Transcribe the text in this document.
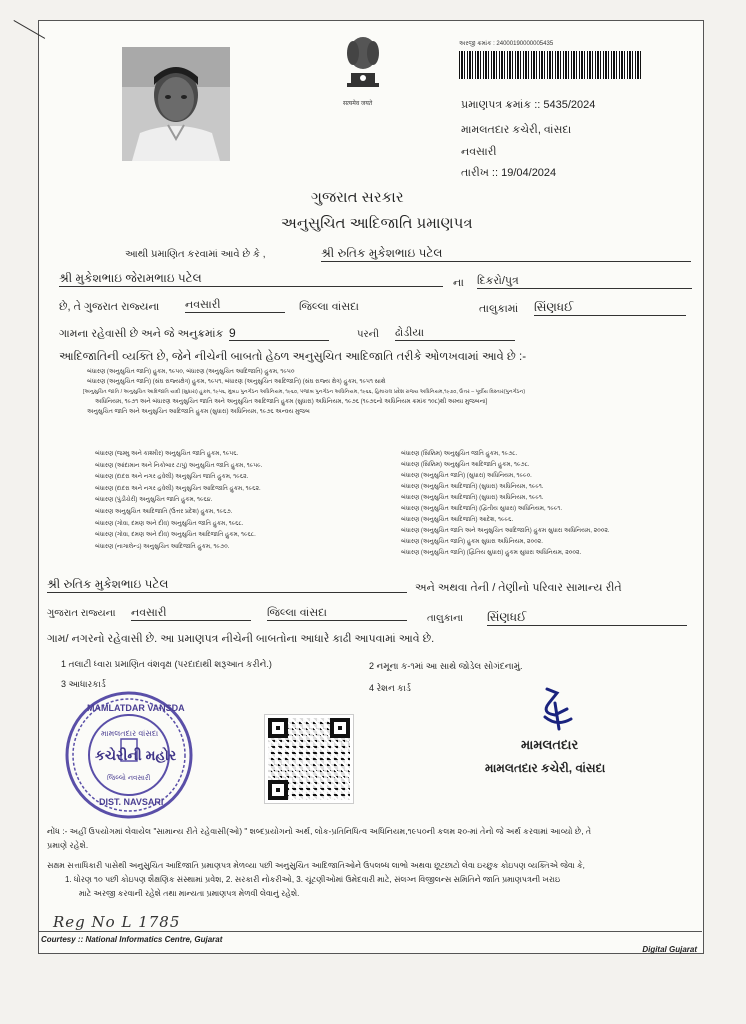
सत्यमेव जयते
અરજી ક્રમાંક : 24000190000005435
પ્રમાણપત્ર ક્રમાંક :: 5435/2024
મામલતદાર કચેરી, વાંસદા
નવસારી
તારીખ :: 19/04/2024
ગુજરાત સરકાર
અનુસુચિત આદિજાતિ પ્રમાણપત્ર
આથી પ્રમાણિત કરવામાં આવે છે કે ,	શ્રી રુતિક મુકેશભાઇ પટેલ
શ્રી મુકેશભાઇ જેરામભાઇ પટેલ	ના દિકરો/પુત્ર
છે, તે ગુજરાત રાજ્યના નવસારી	જિલ્લા વાંસદા	તાલુકામાં સિંણધઈ
ગામના રહેવાસી છે અને જે અનુક્રમાંક 9	પરની ઢોડીયા
આદિજાતિની વ્યક્તિ છે, જેને નીચેની બાબતો હેઠળ અનુસુચિત આદિજાતિ તરીકે ઓળખવામાં આવે છે :-
બંધારણ (અનુસુચિત જાતિ) હુકમ, ૧૯૫૦, બંધારણ (અનુસુચિત આદિજાતિ) હુકમ, ૧૯૫૦
બંધારણ (અનુસુચિત જાતિ) (સંઘ રાજ્યક્ષેત્ર) હુકમ, ૧૯૫૧, બંધારણ (અનુસુચિત આદિજાતિ) (સંઘ રાજ્ય ક્ષેત્ર) હુકમ, ૧૯૫૧ સાથે
[અનુસુચિત જાતિ / અનુસુચિત આદિજાતિ યાદી (સુધારા) હુકમ, ૧૯૫૬, મુંબઇ પુનર્ગઠન અધિનિયમ, ૧૯૬૦, પંજાબ પુનર્ગઠન અધિનિયમ, ૧૯૬૬, હિમાચલ પ્રદેશ રાજ્ય અધિનિયમ,૧૯૭૦, ઉત્તર – પૂર્વીય વિસ્તાર(પુનર્ગઠન)
અધિનિયમ, ૧૯૭૧ અને બંધારણ અનુસુચિત જાતિ અને અનુસુચિત આદિજાતિ હુકમ (સુધારા) અધિનિયમ, ૧૯૭૬ (૧૯૭૬નો અધિનિયમ ક્રમાંક ૧૦૮)થી અમ્યા મુજબના]
અનુસુચિત જાતિ અને અનુસુચિત આદિજાતિ હુકમ (સુધારા) અધિનિયમ, ૧૯૭૬ અન્વય મુજબ
બંધારણ (જમ્મુ અને કાશ્મીર) અનુસુચિત જાતિ હુકમ, ૧૯૫૬.
બંધારણ (આંદામાન અને નિકોબાર ટાપુ) અનુસુચિત જાતિ હુકમ, ૧૯૫૯.
બંધારણ (દાદરા અને નગર હવેલી) અનુસુચિત જાતિ હુકમ, ૧૯૬૨.
બંધારણ (દાદરા અને નગર હવેલી) અનુસુચિત આદિજાતિ હુકમ, ૧૯૬૨.
બંધારણ (પુંડીચેરી) અનુસુચિત જાતિ હુકમ, ૧૯૬૪.
બંધારણ અનુસુચિત આદિજાતિ (ઉત્તર પ્રદેશ) હુકમ, ૧૯૬૭.
બંધારણ (ગોવા, દમણ અને દીવ) અનુસુચિત જાતિ હુકમ, ૧૯૬૮.
બંધારણ (ગોવા, દમણ અને દીવ) અનુસુચિત આદિજાતિ હુકમ, ૧૯૬૮.
બંધારણ (નાગાલેન્ડ) અનુસુચિત આદિજાતિ હુકમ, ૧૯૭૦.
બંધારણ (સિક્કિમ) અનુસુચિત જાતિ હુકમ, ૧૯૭૮.
બંધારણ (સિક્કિમ) અનુસુચિત આદિજાતિ હુકમ, ૧૯૭૮.
બંધારણ (અનુસુચિત જાતિ) (સુધારા) અધિનિયમ, ૧૯૯૦.
બંધારણ (અનુસુચિત આદિજાતિ) (સુધારા) અધિનિયમ, ૧૯૯૧.
બંધારણ (અનુસુચિત આદિજાતિ) (સુધારા) અધિનિયમ, ૧૯૯૧.
બંધારણ (અનુસુચિત આદિજાતિ) (દ્વિતીય સુધારા) અધિનિયમ, ૧૯૯૧.
બંધારણ (અનુસુચિત આદિજાતિ) આદેશ, ૧૯૯૬.
બંધારણ (અનુસુચિત જાતિ અને અનુસુચિત આદિજાતિ) હુકમ સુધારા અધિનિયમ, ૨૦૦૨.
બંધારણ (અનુસુચિત જાતિ) હુકમ સુધારા અધિનિયમ, ૨૦૦૨.
બંધારણ (અનુસુચિત જાતિ) (દ્વિતિય સુધારા) હુકમ સુધારા અધિનિયમ, ૨૦૦૨.
શ્રી રુતિક મુકેશભાઇ પટેલ	અને અથવા તેની / તેણીનો પરિવાર સામાન્ય રીતે
ગુજરાત રાજ્યના નવસારી	જિલ્લા વાંસદા	તાલુકાના સિંણધઈ
ગામ/ નગરનો રહેવાસી છે. આ પ્રમાણપત્ર નીચેની બાબતોના આધારે કાઢી આપવામાં આવે છે.
1 તલાટી ધ્વારા પ્રમાણિત વંશવૃક્ષ (પરદાદાથી શરૂઆત કરીને.)	2 નમૂના ક-૧માં આ સાથે જોડેલ સોગંદનામું.
3 આધારકાર્ડ	4 રેશન કાર્ડ
MAMLATDAR VANSDA
મામલતદાર વાંસદા
કચેરીની મહોર
જિલ્લો નવસારી
DIST. NAVSARI
મામલતદાર
મામલતદાર કચેરી, વાંસદા
નોંધ :- અહીં ઉપયોગમાં લેવાયેલ "સામાન્ય રીતે રહેવાસી(ઓ) " શબ્દપ્રયોગનો અર્થ, લોક-પ્રતિનિધિત્વ અધિનિયમ,૧૯૫૦ની કલમ ૨૦-માં તેનો જે અર્થ કરવામાં આવ્યો છે, તે
પ્રમાણે રહેશે.
સક્ષમ સત્તાધિકારી પાસેથી અનુસુચિત આદિજાતિ પ્રમાણપત્ર મેળવ્યા પછી અનુસુચિત આદિજાતિઓને ઉપલબ્ધ લાભો અથવા છૂટછાટો લેવા ઇચ્છુક કોઇપણ વ્યક્તિએ જેવા કે,
1. ધોરણ ૧૦ પછી કોઇપણ શૈક્ષણિક સંસ્થામાં પ્રવેશ, 2. સરકારી નોકરીઓ, 3. ચૂંટણીઓમાં ઉમેદવારી માટે, સંલગ્ન વિજીલન્સ સમિતિને જાતિ પ્રમાણપત્રની ખરાઇ
માટે અરજી કરવાની રહેશે તથા માન્યતા પ્રમાણપત્ર મેળવી લેવાનું રહેશે.
Reg No L 1785
Courtesy :: National Informatics Centre, Gujarat
Digital Gujarat
